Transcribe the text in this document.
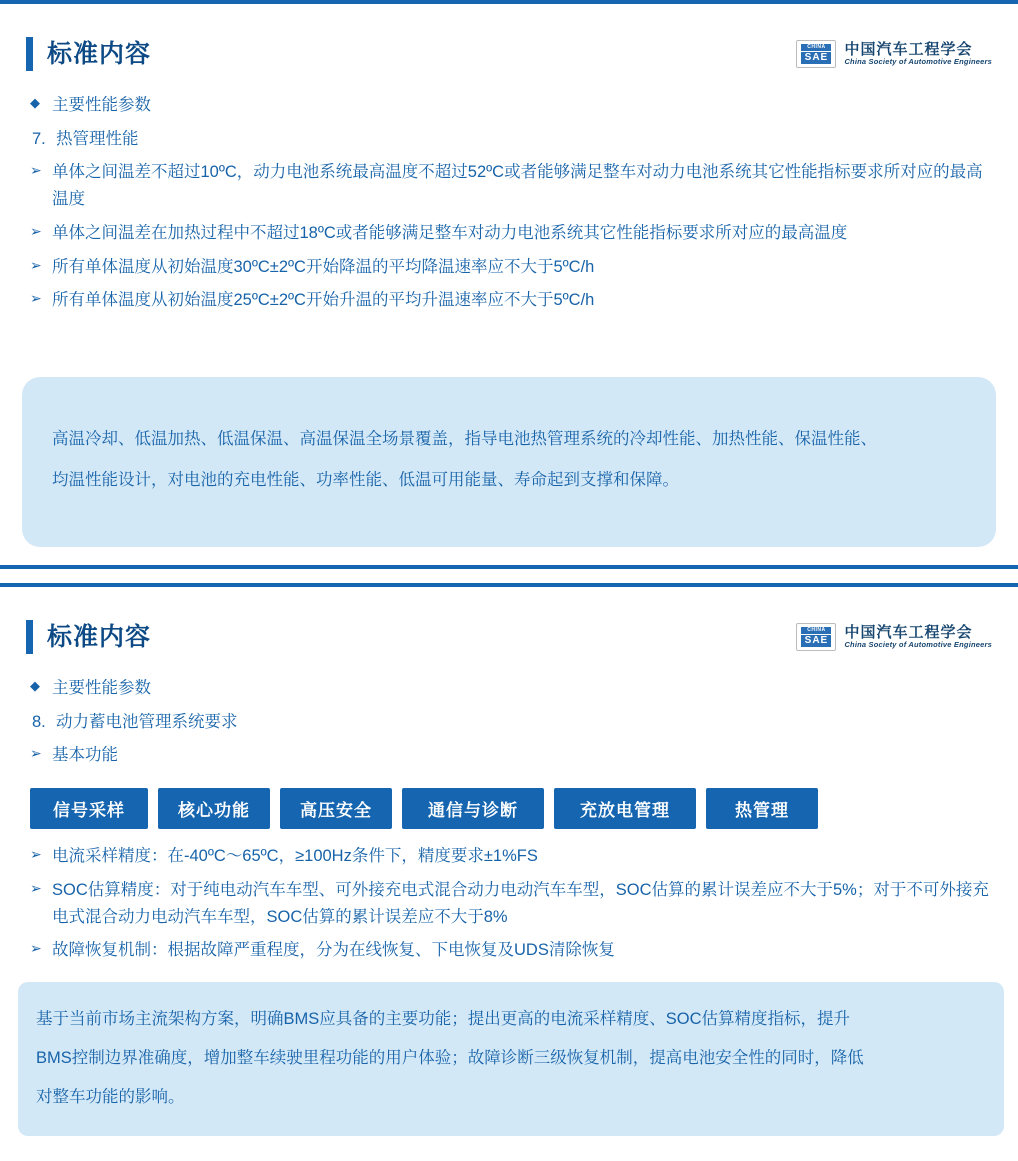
标准内容	CHINA
SAE 中国汽车工程学会
China Society of Automotive Engineers
◆ 主要性能参数
7. 热管理性能
➢ 单体之间温差不超过10ºC，动力电池系统最高温度不超过52ºC或者能够满足整车对动力电池系统其它性能指标要求所对应的最高温度
➢ 单体之间温差在加热过程中不超过18ºC或者能够满足整车对动力电池系统其它性能指标要求所对应的最高温度
➢ 所有单体温度从初始温度30ºC±2ºC开始降温的平均降温速率应不大于5ºC/h
➢ 所有单体温度从初始温度25ºC±2ºC开始升温的平均升温速率应不大于5ºC/h

高温冷却、低温加热、低温保温、高温保温全场景覆盖，指导电池热管理系统的冷却性能、加热性能、保温性能、

均温性能设计，对电池的充电性能、功率性能、低温可用能量、寿命起到支撑和保障。

标准内容	CHINA
SAE 中国汽车工程学会
China Society of Automotive Engineers
◆ 主要性能参数
8. 动力蓄电池管理系统要求
➢ 基本功能
信号采样	核心功能	高压安全	通信与诊断	充放电管理	热管理
➢ 电流采样精度：在-40ºC～65ºC，≥100Hz条件下，精度要求±1%FS
➢ SOC估算精度：对于纯电动汽车车型、可外接充电式混合动力电动汽车车型，SOC估算的累计误差应不大于5%；对于不可外接充电式混合动力电动汽车车型，SOC估算的累计误差应不大于8%
➢ 故障恢复机制：根据故障严重程度，分为在线恢复、下电恢复及UDS清除恢复

基于当前市场主流架构方案，明确BMS应具备的主要功能；提出更高的电流采样精度、SOC估算精度指标，提升

BMS控制边界准确度，增加整车续驶里程功能的用户体验；故障诊断三级恢复机制，提高电池安全性的同时，降低

对整车功能的影响。
